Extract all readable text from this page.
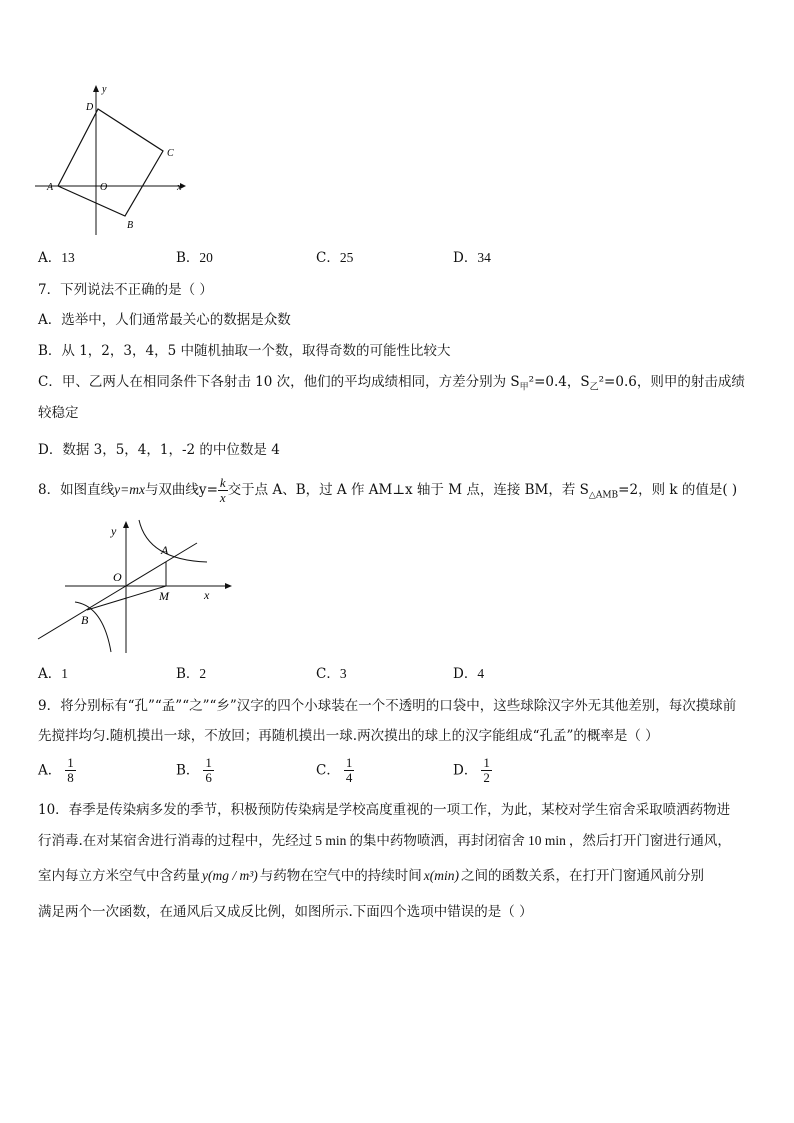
y
D
C
A	O	x
B
A．13	B．20	C．25	D．34
7．下列说法不正确的是（ ）
A．选举中，人们通常最关心的数据是众数
B．从 1，2，3，4，5 中随机抽取一个数，取得奇数的可能性比较大
C．甲、乙两人在相同条件下各射击 10 次，他们的平均成绩相同，方差分别为 $S_甲^2=0.4$，$S_乙^2=0.6$，则甲的射击成绩
较稳定
D．数据 3，5，4，1，-2 的中位数是 4
8．如图直线y=mx与双曲线$y= \frac{k}{x}$ 交于点 A、B，过 A 作 AM⊥x 轴于 M 点，连接 BM，若 $S_{\triangle AMB}=2$，则 k 的值是( )
y
A
O
x
M
B
A．1	B．2	C．3	D．4
9．将分别标有“孔”“孟”“之”“乡”汉字的四个小球装在一个不透明的口袋中，这些球除汉字外无其他差别，每次摸球前
先搅拌均匀.随机摸出一球，不放回；再随机摸出一球.两次摸出的球上的汉字能组成“孔孟”的概率是（ ）
A． $\frac{1}{8}$	B． $\frac{1}{6}$	C． $\frac{1}{4}$	D． $\frac{1}{2}$
10．春季是传染病多发的季节，积极预防传染病是学校高度重视的一项工作，为此，某校对学生宿舍采取喷洒药物进
行消毒.在对某宿舍进行消毒的过程中，先经过 5 min 的集中药物喷洒，再封闭宿舍 10 min ，然后打开门窗进行通风，
室内每立方米空气中含药量 y(mg / m³) 与药物在空气中的持续时间 x(min) 之间的函数关系，在打开门窗通风前分别
满足两个一次函数，在通风后又成反比例，如图所示.下面四个选项中错误的是（ ）
